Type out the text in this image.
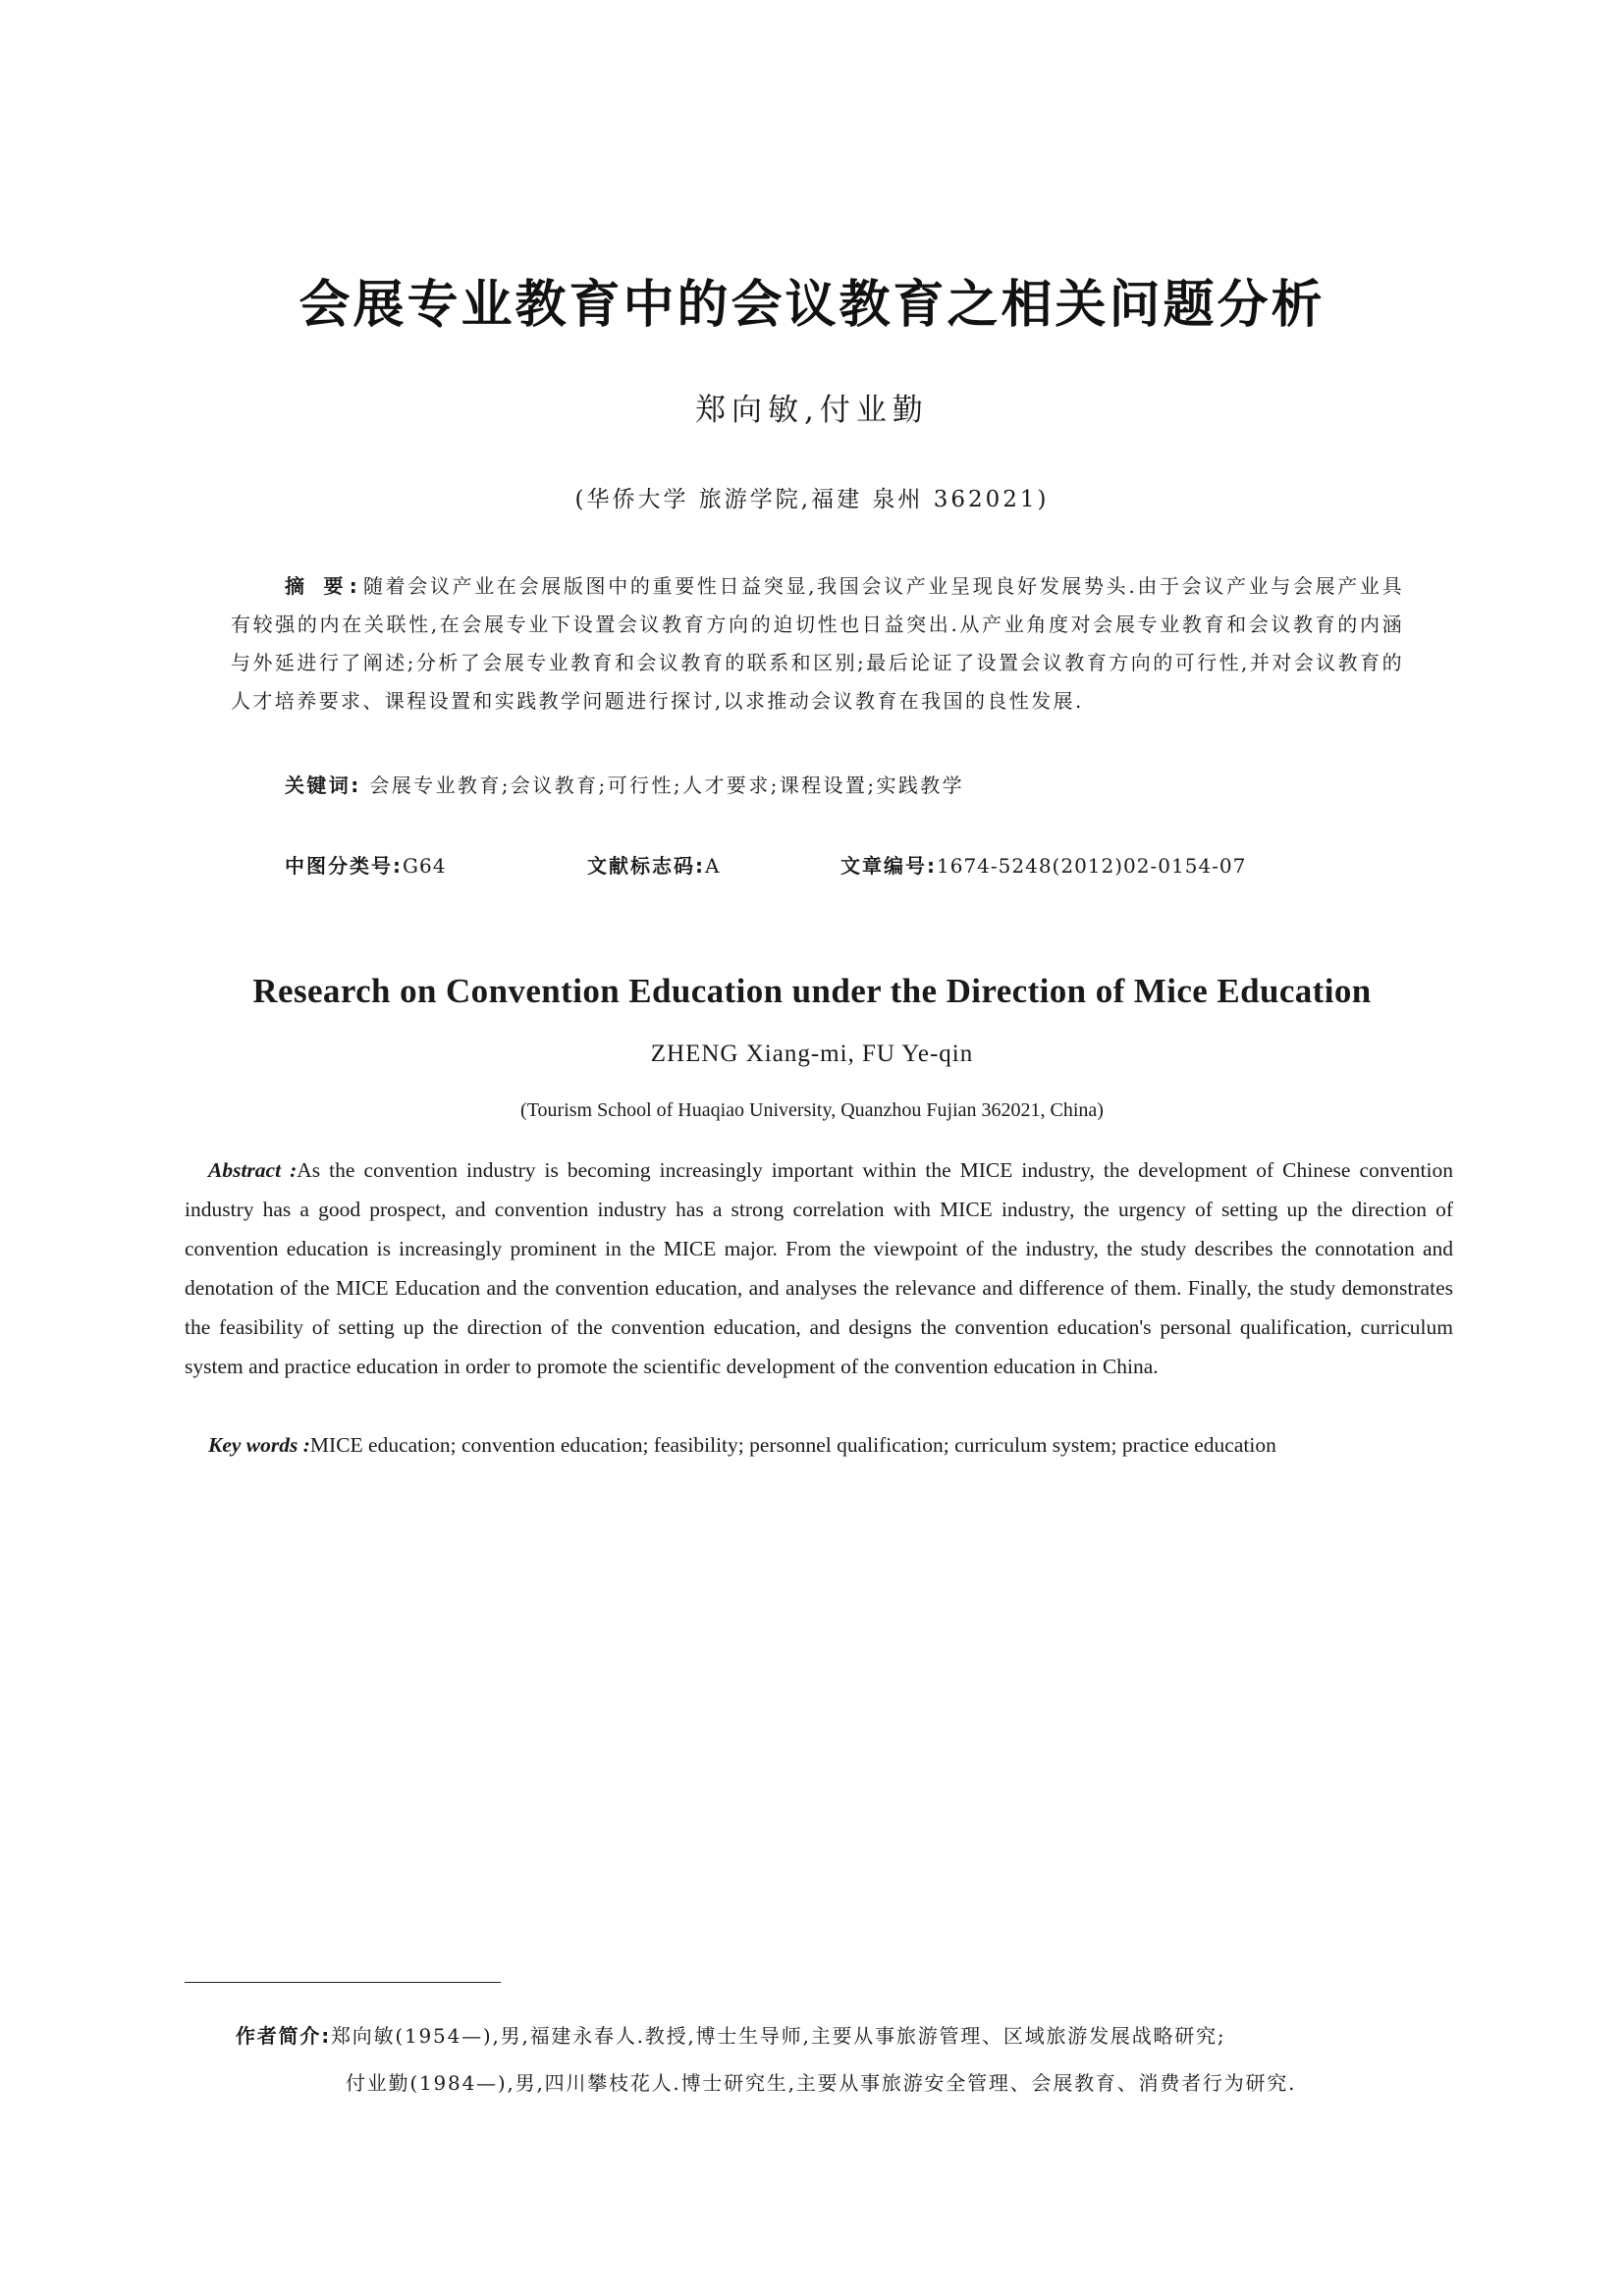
会展专业教育中的会议教育之相关问题分析
郑向敏,付业勤
(华侨大学 旅游学院,福建 泉州 362021)
摘 要:随着会议产业在会展版图中的重要性日益突显,我国会议产业呈现良好发展势头.由于会议产业与会展产业具有较强的内在关联性,在会展专业下设置会议教育方向的迫切性也日益突出.从产业角度对会展专业教育和会议教育的内涵与外延进行了阐述;分析了会展专业教育和会议教育的联系和区别;最后论证了设置会议教育方向的可行性,并对会议教育的人才培养要求、课程设置和实践教学问题进行探讨,以求推动会议教育在我国的良性发展.
关键词: 会展专业教育;会议教育;可行性;人才要求;课程设置;实践教学
中图分类号:G64	文献标志码:A	文章编号:1674-5248(2012)02-0154-07
Research on Convention Education under the Direction of Mice Education
ZHENG Xiang-mi, FU Ye-qin
(Tourism School of Huaqiao University, Quanzhou Fujian 362021, China)
Abstract :As the convention industry is becoming increasingly important within the MICE industry, the development of Chinese convention industry has a good prospect, and convention industry has a strong correlation with MICE industry, the urgency of setting up the direction of convention education is increasingly prominent in the MICE major. From the viewpoint of the industry, the study describes the connotation and denotation of the MICE Education and the convention education, and analyses the relevance and difference of them. Finally, the study demonstrates the feasibility of setting up the direction of the convention education, and designs the convention education's personal qualification, curriculum system and practice education in order to promote the scientific development of the convention education in China.
Key words :MICE education; convention education; feasibility; personnel qualification; curriculum system; practice education
作者简介:郑向敏(1954—),男,福建永春人.教授,博士生导师,主要从事旅游管理、区域旅游发展战略研究;
付业勤(1984—),男,四川攀枝花人.博士研究生,主要从事旅游安全管理、会展教育、消费者行为研究.
